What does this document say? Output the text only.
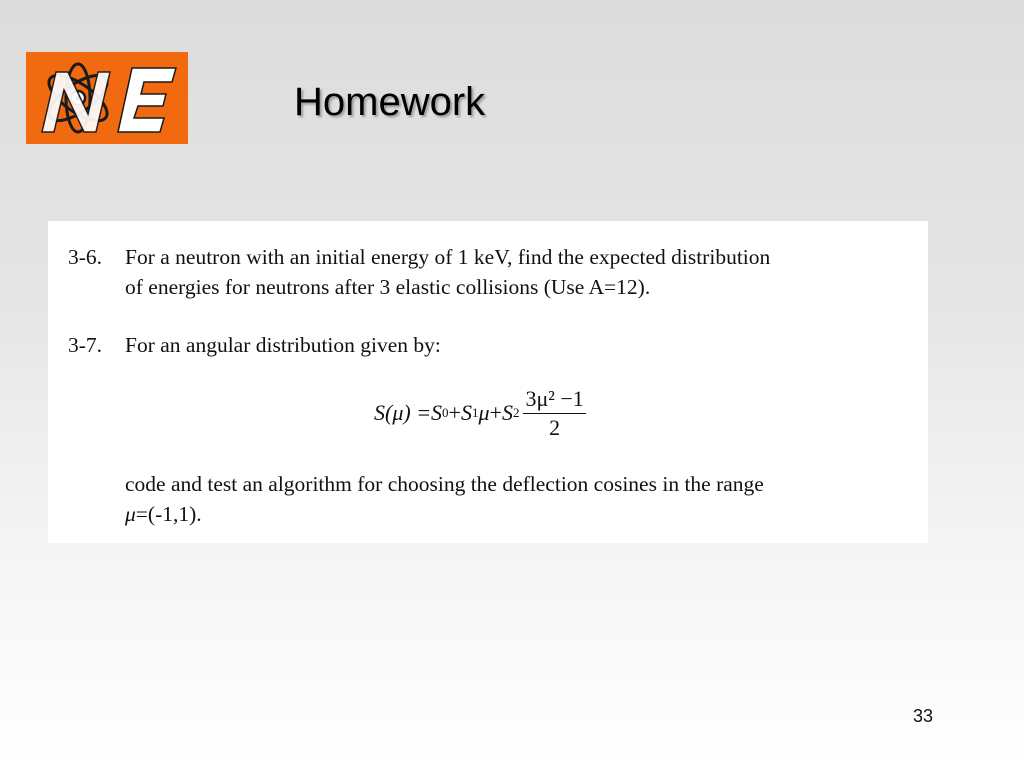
Homework
3-6.	For a neutron with an initial energy of 1 keV, find the expected distribution
of energies for neutrons after 3 elastic collisions (Use A=12).
3-7.	For an angular distribution given by:
S(μ) = S 0 + S 1 μ + S $2 \frac{\text{3μ² −1}}{2}$
code and test an algorithm for choosing the deflection cosines in the range
μ=(-1,1).
33
